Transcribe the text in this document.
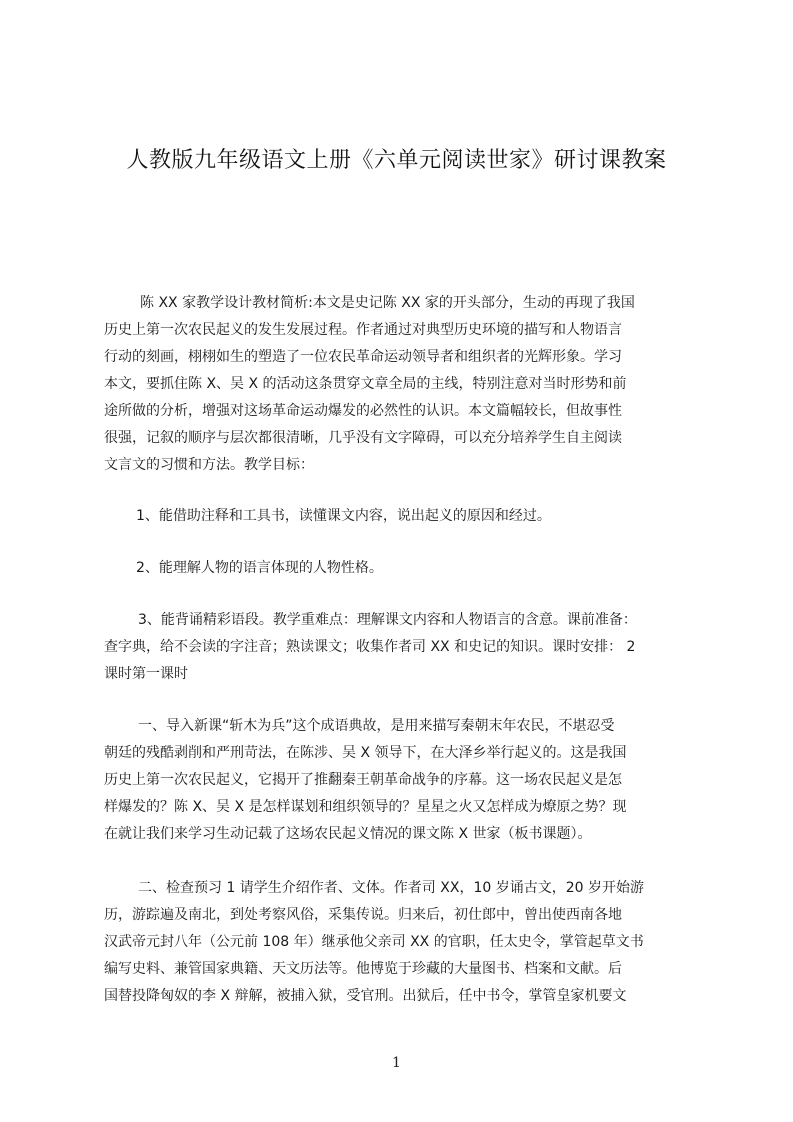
人教版九年级语文上册《六单元阅读世家》研讨课教案
陈 XX 家教学设计教材简析:本文是史记陈 XX 家的开头部分，生动的再现了我国
历史上第一次农民起义的发生发展过程。作者通过对典型历史环境的描写和人物语言
行动的刻画，栩栩如生的塑造了一位农民革命运动领导者和组织者的光辉形象。学习
本文，要抓住陈 X、吴 X 的活动这条贯穿文章全局的主线，特别注意对当时形势和前
途所做的分析，增强对这场革命运动爆发的必然性的认识。本文篇幅较长，但故事性
很强，记叙的顺序与层次都很清晰，几乎没有文字障碍，可以充分培养学生自主阅读
文言文的习惯和方法。教学目标：
1、能借助注释和工具书，读懂课文内容，说出起义的原因和经过。
2、能理解人物的语言体现的人物性格。
3、能背诵精彩语段。教学重难点：理解课文内容和人物语言的含意。课前准备：
查字典，给不会读的字注音；熟读课文；收集作者司 XX 和史记的知识。课时安排： 2
课时第一课时
一、导入新课“斩木为兵”这个成语典故，是用来描写秦朝末年农民，不堪忍受
朝廷的残酷剥削和严刑苛法，在陈涉、吴 X 领导下，在大泽乡举行起义的。这是我国
历史上第一次农民起义，它揭开了推翻秦王朝革命战争的序幕。这一场农民起义是怎
样爆发的？陈 X、吴 X 是怎样谋划和组织领导的？星星之火又怎样成为燎原之势？现
在就让我们来学习生动记载了这场农民起义情况的课文陈 X 世家（板书课题）。
二、检查预习 1 请学生介绍作者、文体。作者司 XX，10 岁诵古文，20 岁开始游
历，游踪遍及南北，到处考察风俗，采集传说。归来后，初仕郎中，曾出使西南各地
汉武帝元封八年（公元前 108 年）继承他父亲司 XX 的官职，任太史令，掌管起草文书
编写史料、兼管国家典籍、天文历法等。他博览于珍藏的大量图书、档案和文献。后
国替投降匈奴的李 X 辩解，被捕入狱，受官刑。出狱后，任中书令，掌管皇家机要文
1
